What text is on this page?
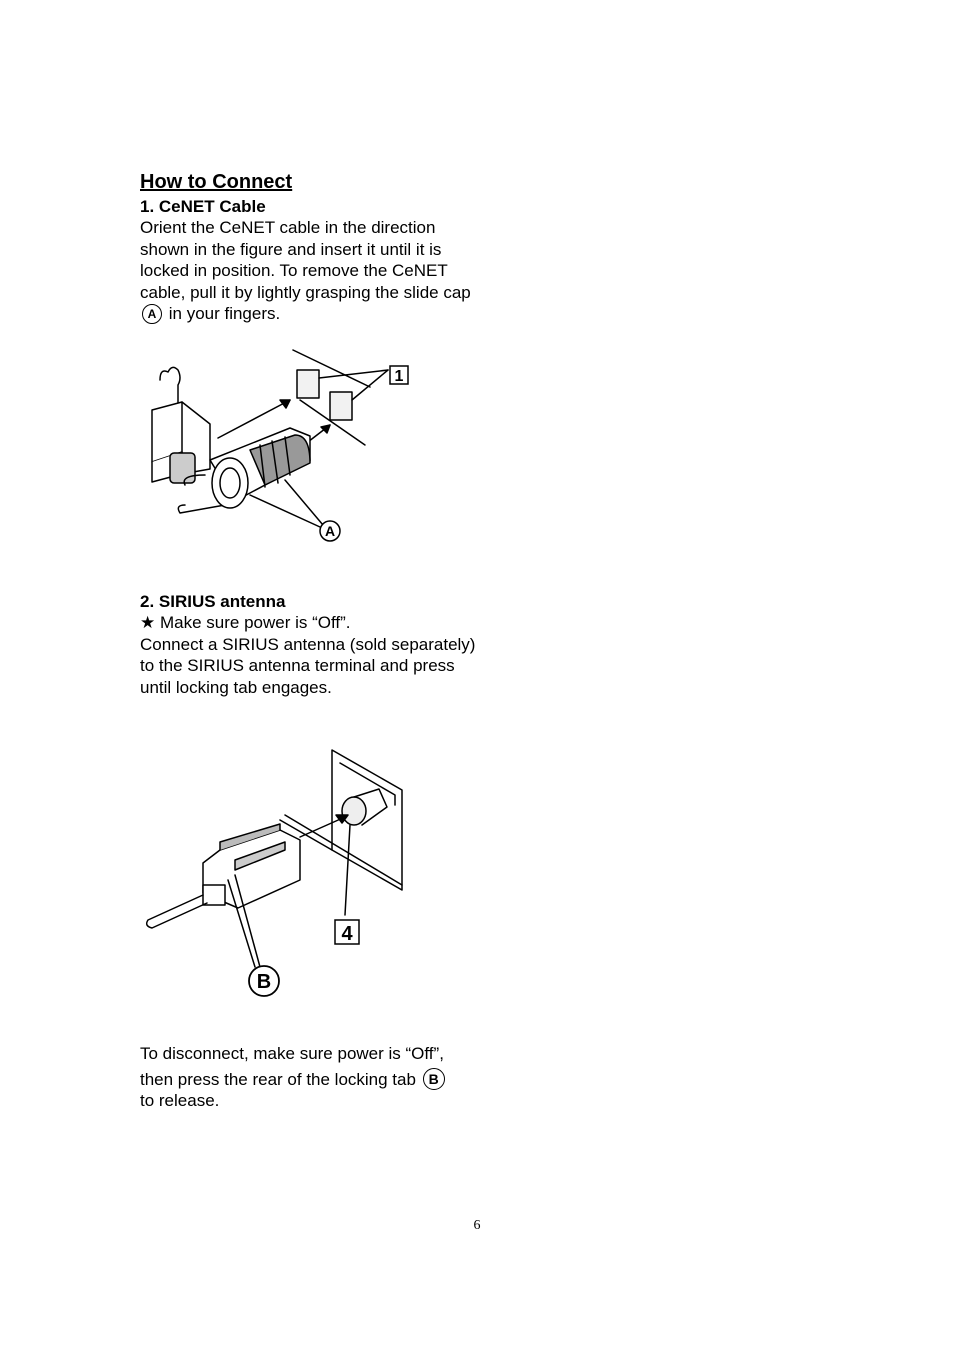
How to Connect

1. CeNET Cable

Orient the CeNET cable in the direction shown in the figure and insert it until it is locked in position. To remove the CeNET cable, pull it by lightly grasping the slide cap A in your fingers.

1
A

2. SIRIUS antenna

★ Make sure power is “Off”.

Connect a SIRIUS antenna (sold separately) to the SIRIUS antenna terminal and press until locking tab engages.

4
B

To disconnect, make sure power is “Off”,

then press the rear of the locking tab B

to release.

6
